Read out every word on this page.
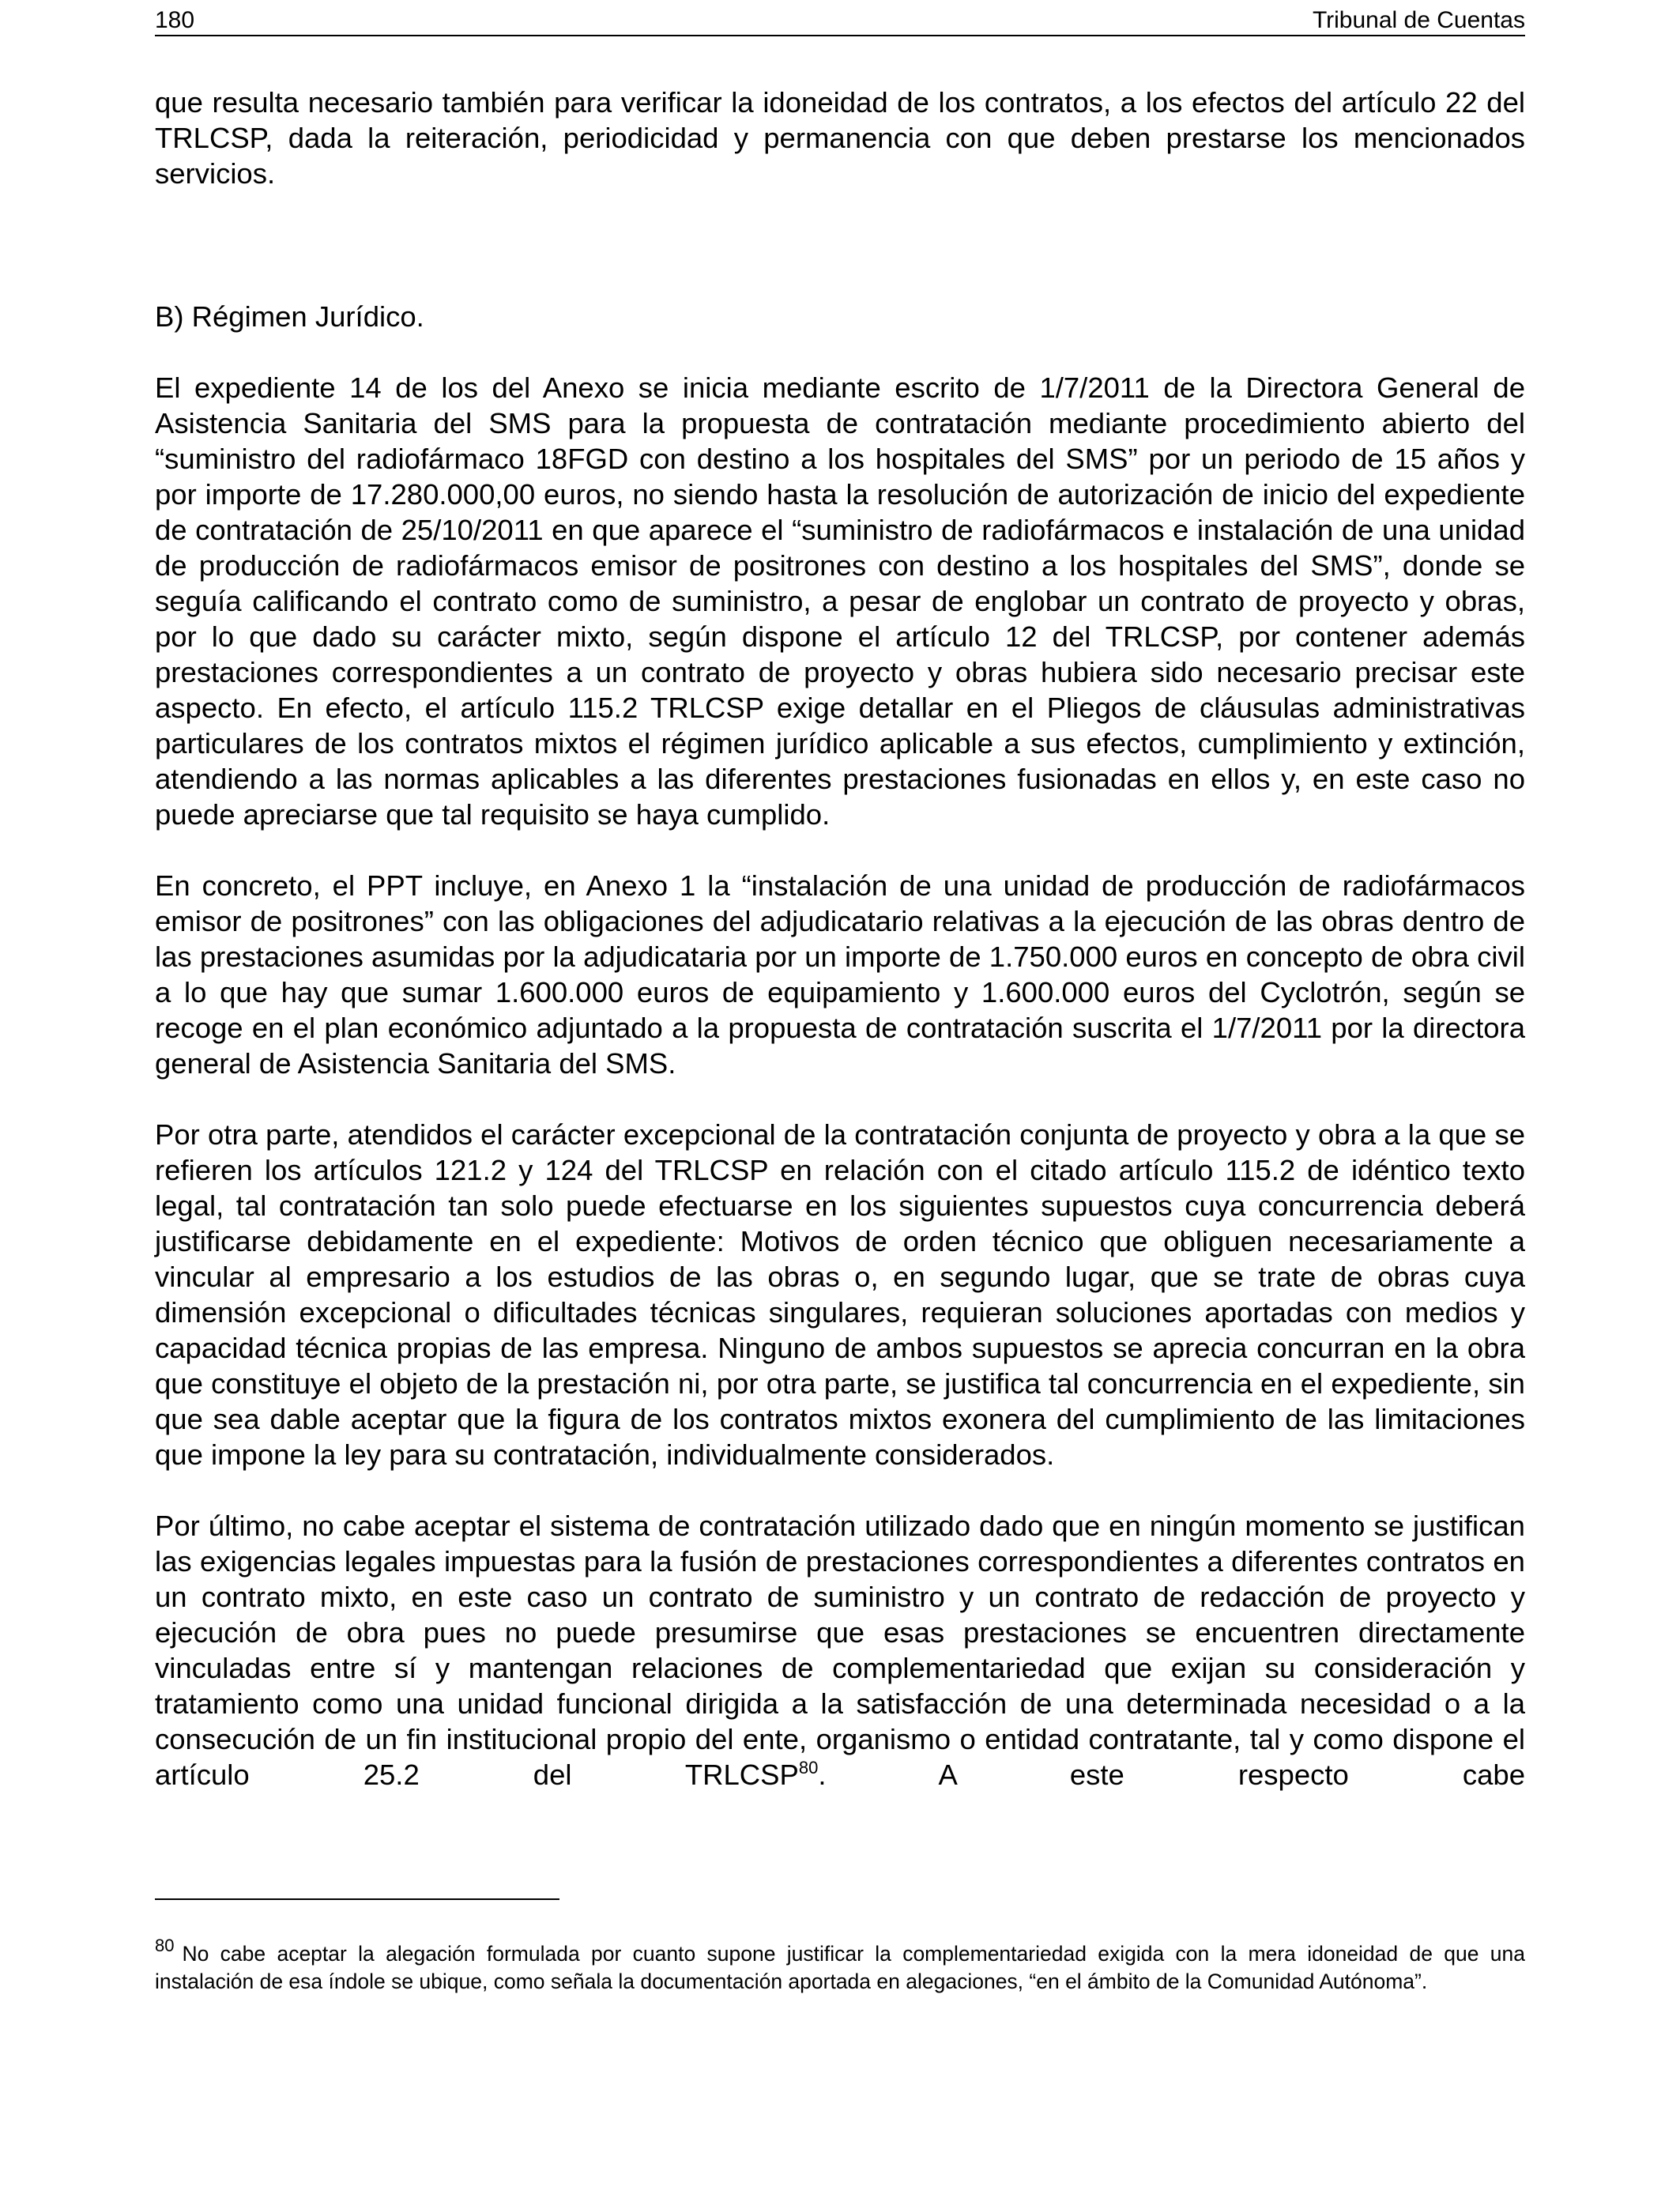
180	Tribunal de Cuentas

que resulta necesario también para verificar la idoneidad de los contratos, a los efectos del artículo 22 del TRLCSP, dada la reiteración, periodicidad y permanencia con que deben prestarse los mencionados servicios.

B) Régimen Jurídico.

El expediente 14 de los del Anexo se inicia mediante escrito de 1/7/2011 de la Directora General de Asistencia Sanitaria del SMS para la propuesta de contratación mediante procedimiento abierto del “suministro del radiofármaco 18FGD con destino a los hospitales del SMS” por un periodo de 15 años y por importe de 17.280.000,00 euros, no siendo hasta la resolución de autorización de inicio del expediente de contratación de 25/10/2011 en que aparece el “suministro de radiofármacos e instalación de una unidad de producción de radiofármacos emisor de positrones con destino a los hospitales del SMS”, donde se seguía calificando el contrato como de suministro, a pesar de englobar un contrato de proyecto y obras, por lo que dado su carácter mixto, según dispone el artículo 12 del TRLCSP, por contener además prestaciones correspondientes a un contrato de proyecto y obras hubiera sido necesario precisar este aspecto. En efecto, el artículo 115.2 TRLCSP exige detallar en el Pliegos de cláusulas administrativas particulares de los contratos mixtos el régimen jurídico aplicable a sus efectos, cumplimiento y extinción, atendiendo a las normas aplicables a las diferentes prestaciones fusionadas en ellos y, en este caso no puede apreciarse que tal requisito se haya cumplido.

En concreto, el PPT incluye, en Anexo 1 la “instalación de una unidad de producción de radiofármacos emisor de positrones” con las obligaciones del adjudicatario relativas a la ejecución de las obras dentro de las prestaciones asumidas por la adjudicataria por un importe de 1.750.000 euros en concepto de obra civil a lo que hay que sumar 1.600.000 euros de equipamiento y 1.600.000 euros del Cyclotrón, según se recoge en el plan económico adjuntado a la propuesta de contratación suscrita el 1/7/2011 por la directora general de Asistencia Sanitaria del SMS.

Por otra parte, atendidos el carácter excepcional de la contratación conjunta de proyecto y obra a la que se refieren los artículos 121.2 y 124 del TRLCSP en relación con el citado artículo 115.2 de idéntico texto legal, tal contratación tan solo puede efectuarse en los siguientes supuestos cuya concurrencia deberá justificarse debidamente en el expediente: Motivos de orden técnico que obliguen necesariamente a vincular al empresario a los estudios de las obras o, en segundo lugar, que se trate de obras cuya dimensión excepcional o dificultades técnicas singulares, requieran soluciones aportadas con medios y capacidad técnica propias de las empresa. Ninguno de ambos supuestos se aprecia concurran en la obra que constituye el objeto de la prestación ni, por otra parte, se justifica tal concurrencia en el expediente, sin que sea dable aceptar que la figura de los contratos mixtos exonera del cumplimiento de las limitaciones que impone la ley para su contratación, individualmente considerados.

Por último, no cabe aceptar el sistema de contratación utilizado dado que en ningún momento se justifican las exigencias legales impuestas para la fusión de prestaciones correspondientes a diferentes contratos en un contrato mixto, en este caso un contrato de suministro y un contrato de redacción de proyecto y ejecución de obra pues no puede presumirse que esas prestaciones se encuentren directamente vinculadas entre sí y mantengan relaciones de complementariedad que exijan su consideración y tratamiento como una unidad funcional dirigida a la satisfacción de una determinada necesidad o a la consecución de un fin institucional propio del ente, organismo o entidad contratante, tal y como dispone el artículo 25.2 del TRLCSP$^{80}$. A este respecto cabe

$^{80}$ No cabe aceptar la alegación formulada por cuanto supone justificar la complementariedad exigida con la mera idoneidad de que una instalación de esa índole se ubique, como señala la documentación aportada en alegaciones, “en el ámbito de la Comunidad Autónoma”.
